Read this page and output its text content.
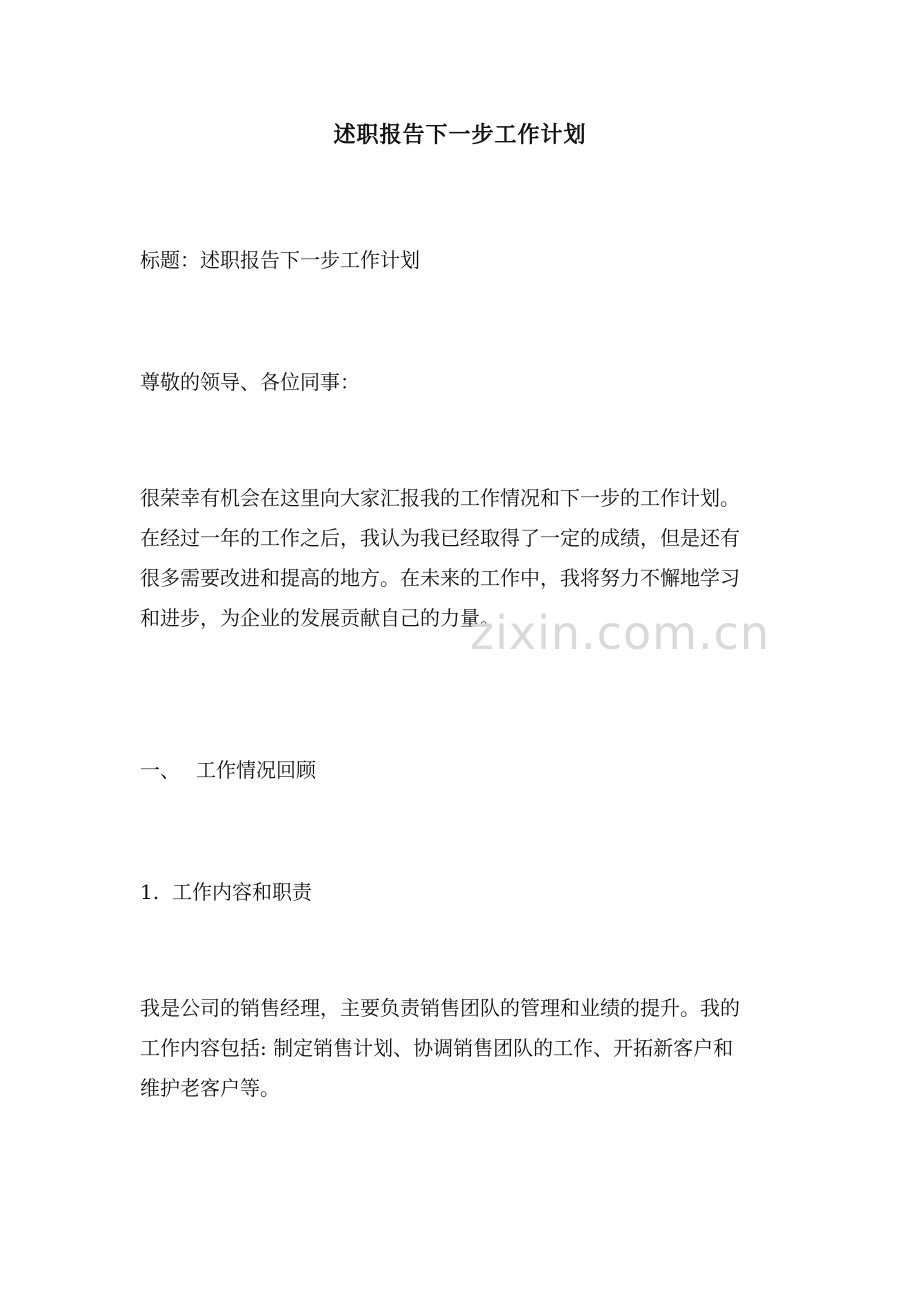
述职报告下一步工作计划
标题：述职报告下一步工作计划
尊敬的领导、各位同事：
很荣幸有机会在这里向大家汇报我的工作情况和下一步的工作计划。
在经过一年的工作之后，我认为我已经取得了一定的成绩，但是还有
很多需要改进和提高的地方。在未来的工作中，我将努力不懈地学习
和进步，为企业的发展贡献自己的力量。
一、 工作情况回顾
1. 工作内容和职责
我是公司的销售经理，主要负责销售团队的管理和业绩的提升。我的
工作内容包括: 制定销售计划、协调销售团队的工作、开拓新客户和
维护老客户等。
zixin.com.cn
